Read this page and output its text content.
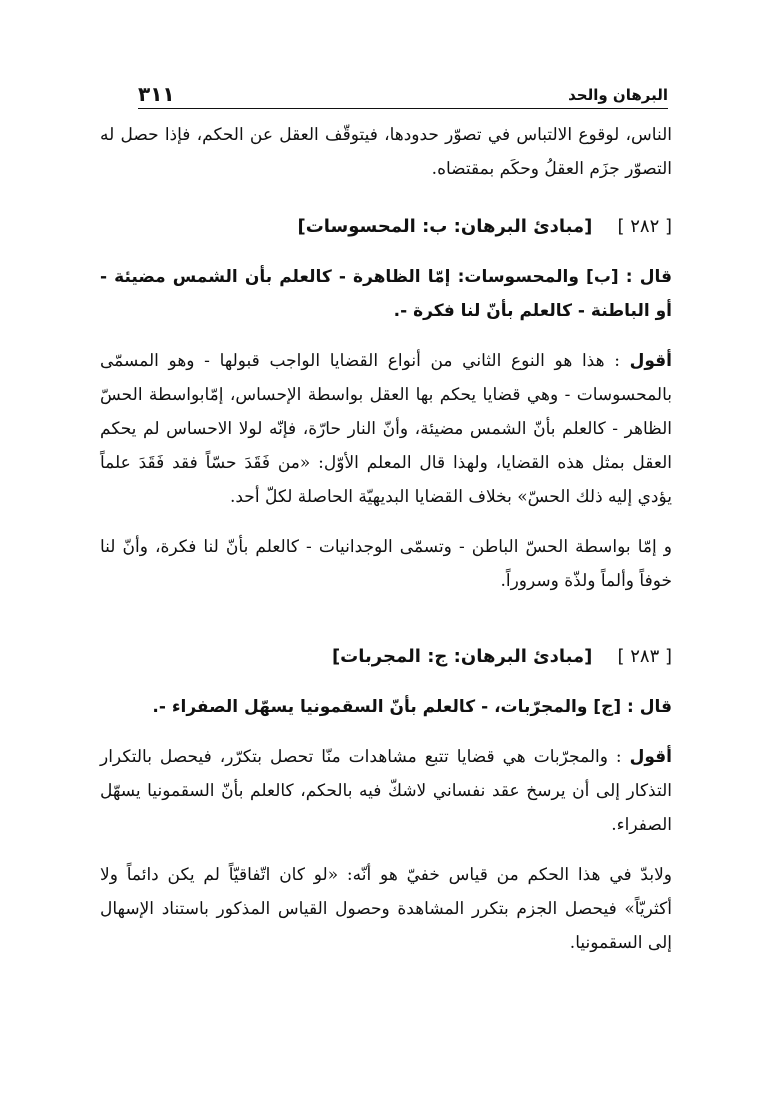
البرهان والحد
٣١١

الناس، لوقوع الالتباس في تصوّر حدودها، فيتوقّف العقل عن الحكم، فإذا حصل له التصوّر جزَم العقلُ وحكَم بمقتضاه.

[ ٢٨٢ ]    [مبادئ البرهان: ب: المحسوسات]

قال : [ب] والمحسوسات: إمّا الظاهرة - كالعلم بأن الشمس مضيئة - أو الباطنة - كالعلم بأنّ لنا فكرة -.

أقول : هذا هو النوع الثاني من أنواع القضايا الواجب قبولها - وهو المسمّى بالمحسوسات - وهي قضايا يحكم بها العقل بواسطة الإحساس، إمّابواسطة الحسّ الظاهر - كالعلم بأنّ الشمس مضيئة، وأنّ النار حارّة، فإنّه لولا الاحساس لم يحكم العقل بمثل هذه القضايا، ولهذا قال المعلم الأوّل: «من فَقَدَ حسّاً فقد فَقَدَ علماً يؤدي إليه ذلك الحسّ» بخلاف القضايا البديهيّة الحاصلة لكلّ أحد.

و إمّا بواسطة الحسّ الباطن - وتسمّى الوجدانيات - كالعلم بأنّ لنا فكرة، وأنّ لنا خوفاً وألماً ولذّة وسروراً.

[ ٢٨٣ ]    [مبادئ البرهان: ج: المجربات]

قال : [ج] والمجرّبات، - كالعلم بأنّ السقمونيا يسهّل الصفراء -.

أقول : والمجرّبات هي قضايا تتبع مشاهدات منّا تحصل بتكرّر، فيحصل بالتكرار التذكار إلى أن يرسخ عقد نفساني لاشكّ فيه بالحكم، كالعلم بأنّ السقمونيا يسهّل الصفراء.

ولابدّ في هذا الحكم من قياس خفيّ هو أنّه: «لو كان اتّفاقيّاً لم يكن دائماً ولا أكثريّاً» فيحصل الجزم بتكرر المشاهدة وحصول القياس المذكور باستناد الإسهال إلى السقمونيا.
